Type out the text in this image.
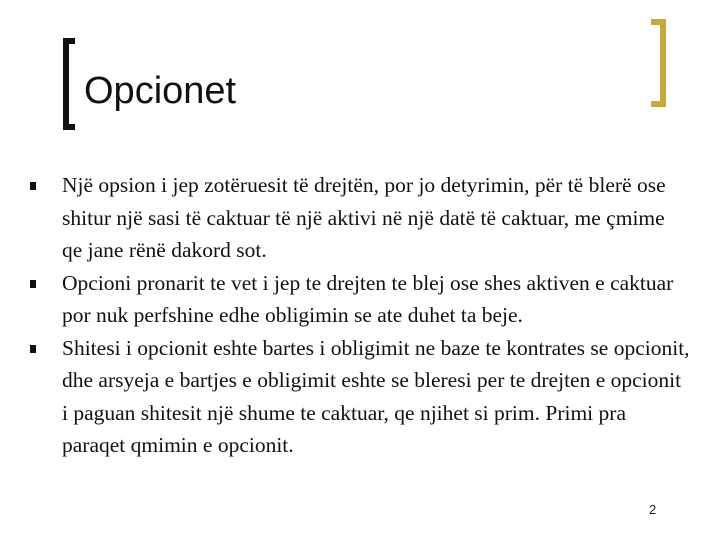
Opcionet
Një opsion i jep zotëruesit të drejtën, por jo detyrimin, për të blerë ose shitur një sasi të caktuar të një aktivi në një datë të caktuar, me çmime qe jane rënë dakord sot.
Opcioni pronarit te vet i jep te drejten te blej ose shes aktiven e caktuar por nuk perfshine edhe obligimin se ate duhet ta beje.
Shitesi i opcionit eshte bartes i obligimit ne baze te kontrates se opcionit, dhe arsyeja e bartjes e obligimit eshte se bleresi per te drejten e opcionit i paguan shitesit një shume te caktuar, qe njihet si prim. Primi pra paraqet qmimin e opcionit.
2
